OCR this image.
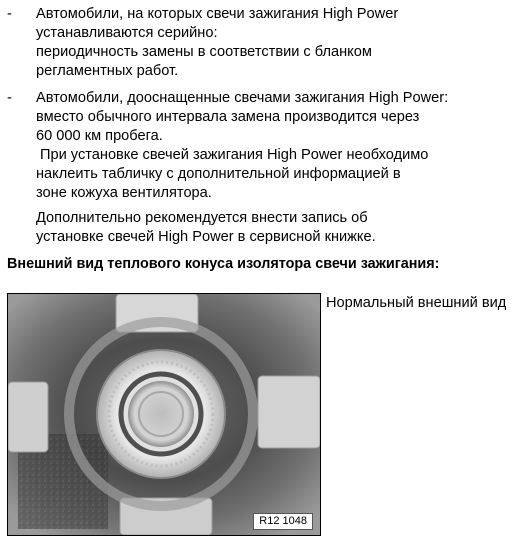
- Автомобили, на которых свечи зажигания High Power

устанавливаются серийно:

периодичность замены в соответствии с бланком

регламентных работ.

- Автомобили, дооснащенные свечами зажигания High Power:

вместо обычного интервала замена производится через

60 000 км пробега.

При установке свечей зажигания High Power необходимо

наклеить табличку с дополнительной информацией в

зоне кожуха вентилятора.

Дополнительно рекомендуется внести запись об

установке свечей High Power в сервисной книжке.

Внешний вид теплового конуса изолятора свечи зажигания:
R12 1048
Нормальный внешний вид
